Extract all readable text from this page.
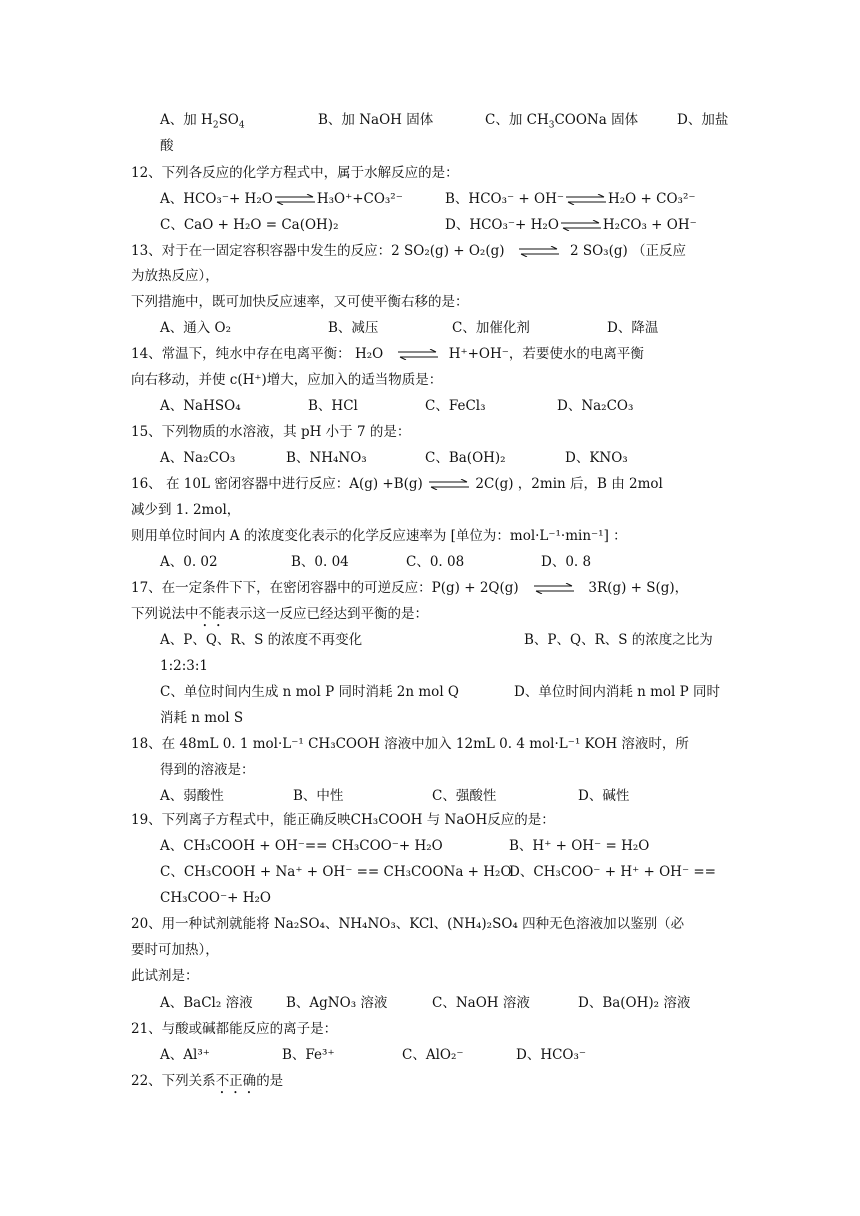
A、加 $H_2SO_4$	B、加 NaOH 固体	C、加 $CH_3COONa$ 固体	D、加盐
酸
12、下列各反应的化学方程式中，属于水解反应的是：
A、HCO₃⁻+ H₂O ⇌ H₃O⁺+CO₃²⁻	B、HCO₃⁻ + OH⁻ ⇌ H₂O + CO₃²⁻
C、CaO + H₂O = Ca(OH)₂	D、HCO₃⁻+ H₂O ⇌ H₂CO₃ + OH⁻
13、对于在一固定容积容器中发生的反应：2 SO₂(g) + O₂(g) ⇌ 2 SO₃(g) （正反应
为放热反应），
下列措施中，既可加快反应速率，又可使平衡右移的是：
A、通入 O₂	B、减压	C、加催化剂	D、降温
14、常温下，纯水中存在电离平衡： H₂O ⇌ H⁺+OH⁻，若要使水的电离平衡
向右移动，并使 c(H⁺)增大，应加入的适当物质是：
A、NaHSO₄	B、HCl	C、FeCl₃	D、Na₂CO₃
15、下列物质的水溶液，其 pH 小于 7 的是：
A、Na₂CO₃	B、NH₄NO₃	C、Ba(OH)₂	D、KNO₃
16、 在 10L 密闭容器中进行反应：A(g) +B(g) ⇌ 2C(g) ，2min 后，B 由 2mol
减少到 1. 2mol，
则用单位时间内 A 的浓度变化表示的化学反应速率为 [单位为：mol·L⁻¹·min⁻¹] ：
A、0. 02	B、0. 04	C、0. 08	D、0. 8
17、在一定条件下下，在密闭容器中的可逆反应：P(g) + 2Q(g) ⇌ 3R(g) + S(g)，
下列说法中不能表示这一反应已经达到平衡的是：
A、P、Q、R、S 的浓度不再变化	B、P、Q、R、S 的浓度之比为
1:2:3:1
C、单位时间内生成 n mol P 同时消耗 2n mol Q	D、单位时间内消耗 n mol P 同时
消耗 n mol S
18、在 48mL 0. 1 mol·L⁻¹ CH₃COOH 溶液中加入 12mL 0. 4 mol·L⁻¹ KOH 溶液时，所
得到的溶液是：
A、弱酸性	B、中性	C、强酸性	D、碱性
19、下列离子方程式中，能正确反映CH₃COOH 与 NaOH反应的是：
A、CH₃COOH + OH⁻== CH₃COO⁻+ H₂O	B、H⁺ + OH⁻ = H₂O
C、CH₃COOH + Na⁺ + OH⁻ == CH₃COONa + H₂O
D、CH₃COO⁻ + H⁺ + OH⁻ ==
CH₃COO⁻+ H₂O
20、用一种试剂就能将 Na₂SO₄、NH₄NO₃、KCl、(NH₄)₂SO₄ 四种无色溶液加以鉴别（必
要时可加热），
此试剂是：
A、BaCl₂ 溶液 B、AgNO₃ 溶液	C、NaOH 溶液	D、Ba(OH)₂ 溶液
21、与酸或碱都能反应的离子是：
A、Al³⁺	B、Fe³⁺	C、AlO₂⁻	D、HCO₃⁻
22、下列关系不正确的是
